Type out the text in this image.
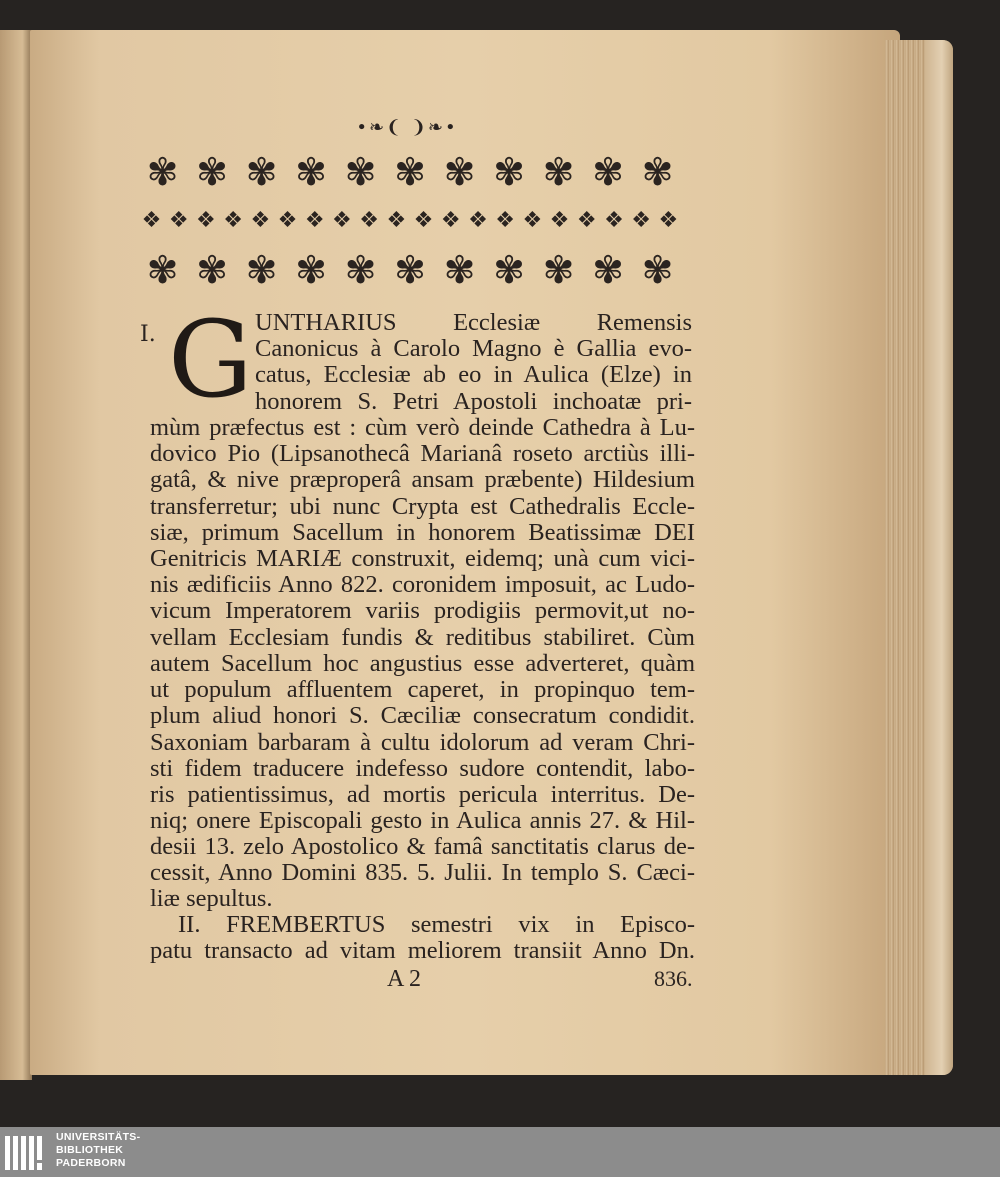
•❧❨ ❩❧•
✾ ✾ ✾ ✾ ✾ ✾ ✾ ✾ ✾ ✾ ✾
❖ ❖ ❖ ❖ ❖ ❖ ❖ ❖ ❖ ❖ ❖ ❖ ❖ ❖ ❖ ❖ ❖ ❖ ❖ ❖
✾ ✾ ✾ ✾ ✾ ✾ ✾ ✾ ✾ ✾ ✾
I. G UNTHARIUS Ecclesiæ Remensis
Canonicus à Carolo Magno è Gallia evo-
catus, Ecclesiæ ab eo in Aulica (Elze) in
honorem S. Petri Apostoli inchoatæ pri-
mùm præfectus est : cùm verò deinde Cathedra à Lu-
dovico Pio (Lipsanothecâ Marianâ roseto arctiùs illi-
gatâ, & nive præproperâ ansam præbente) Hildesium
transferretur; ubi nunc Crypta est Cathedralis Eccle-
siæ, primum Sacellum in honorem Beatissimæ DEI
Genitricis MARIÆ construxit, eidemq; unà cum vici-
nis ædificiis Anno 822. coronidem imposuit, ac Ludo-
vicum Imperatorem variis prodigiis permovit,ut no-
vellam Ecclesiam fundis & reditibus stabiliret. Cùm
autem Sacellum hoc angustius esse adverteret, quàm
ut populum affluentem caperet, in propinquo tem-
plum aliud honori S. Cæciliæ consecratum condidit.
Saxoniam barbaram à cultu idolorum ad veram Chri-
sti fidem traducere indefesso sudore contendit, labo-
ris patientissimus, ad mortis pericula interritus. De-
niq; onere Episcopali gesto in Aulica annis 27. & Hil-
desii 13. zelo Apostolico & famâ sanctitatis clarus de-
cessit, Anno Domini 835. 5. Julii. In templo S. Cæci-
liæ sepultus.
II. FREMBERTUS semestri vix in Episco-
patu transacto ad vitam meliorem transiit Anno Dn.
A 2	836.
UNIVERSITÄTS-
BIBLIOTHEK
PADERBORN
